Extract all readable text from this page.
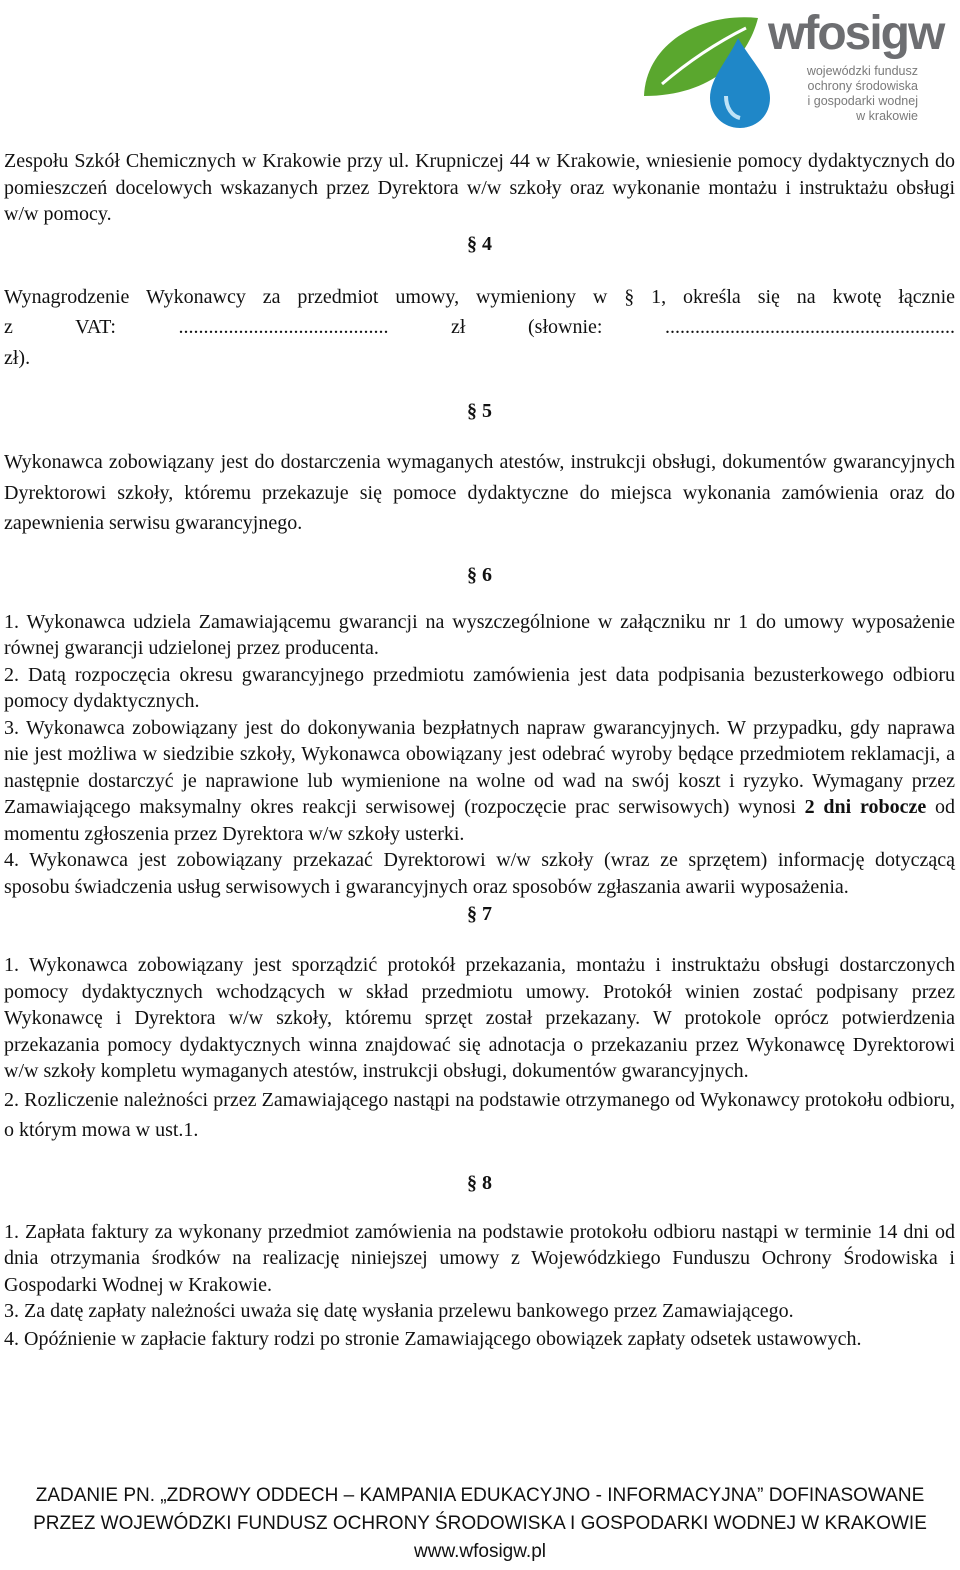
wfosigw
wojewódzki fundusz
ochrony środowiska
i gospodarki wodnej
w krakowie

Zespołu Szkół Chemicznych w Krakowie przy ul. Krupniczej 44 w Krakowie, wniesienie pomocy dydaktycznych do pomieszczeń docelowych wskazanych przez Dyrektora w/w szkoły oraz wykonanie montażu i instruktażu obsługi w/w pomocy.

§ 4

Wynagrodzenie Wykonawcy za przedmiot umowy, wymieniony w § 1, określa się na kwotę łącznie

z VAT: .......................................... zł (słownie: ..........................................................

zł).

§ 5

Wykonawca zobowiązany jest do dostarczenia wymaganych atestów, instrukcji obsługi, dokumentów gwarancyjnych Dyrektorowi szkoły, któremu przekazuje się pomoce dydaktyczne do miejsca wykonania zamówienia oraz do zapewnienia serwisu gwarancyjnego.

§ 6

1. Wykonawca udziela Zamawiającemu gwarancji na wyszczególnione w załączniku nr 1 do umowy wyposażenie równej gwarancji udzielonej przez producenta.

2. Datą rozpoczęcia okresu gwarancyjnego przedmiotu zamówienia jest data podpisania bezusterkowego odbioru pomocy dydaktycznych.

3. Wykonawca zobowiązany jest do dokonywania bezpłatnych napraw gwarancyjnych. W przypadku, gdy naprawa nie jest możliwa w siedzibie szkoły, Wykonawca obowiązany jest odebrać wyroby będące przedmiotem reklamacji, a następnie dostarczyć je naprawione lub wymienione na wolne od wad na swój koszt i ryzyko. Wymagany przez Zamawiającego maksymalny okres reakcji serwisowej (rozpoczęcie prac serwisowych) wynosi 2 dni robocze od momentu zgłoszenia przez Dyrektora w/w szkoły usterki.

4. Wykonawca jest zobowiązany przekazać Dyrektorowi w/w szkoły (wraz ze sprzętem) informację dotyczącą sposobu świadczenia usług serwisowych i gwarancyjnych oraz sposobów zgłaszania awarii wyposażenia.

§ 7

1. Wykonawca zobowiązany jest sporządzić protokół przekazania, montażu i instruktażu obsługi dostarczonych pomocy dydaktycznych wchodzących w skład przedmiotu umowy. Protokół winien zostać podpisany przez Wykonawcę i Dyrektora w/w szkoły, któremu sprzęt został przekazany. W protokole oprócz potwierdzenia przekazania pomocy dydaktycznych winna znajdować się adnotacja o przekazaniu przez Wykonawcę Dyrektorowi w/w szkoły kompletu wymaganych atestów, instrukcji obsługi, dokumentów gwarancyjnych.

2. Rozliczenie należności przez Zamawiającego nastąpi na podstawie otrzymanego od Wykonawcy protokołu odbioru, o którym mowa w ust.1.

§ 8

1. Zapłata faktury za wykonany przedmiot zamówienia na podstawie protokołu odbioru nastąpi w terminie 14 dni od dnia otrzymania środków na realizację niniejszej umowy z Wojewódzkiego Funduszu Ochrony Środowiska i Gospodarki Wodnej w Krakowie.

3. Za datę zapłaty należności uważa się datę wysłania przelewu bankowego przez Zamawiającego.

4. Opóźnienie w zapłacie faktury rodzi po stronie Zamawiającego obowiązek zapłaty odsetek ustawowych.

ZADANIE PN. „ZDROWY ODDECH – KAMPANIA EDUKACYJNO - INFORMACYJNA” DOFINASOWANE
PRZEZ WOJEWÓDZKI FUNDUSZ OCHRONY ŚRODOWISKA I GOSPODARKI WODNEJ W KRAKOWIE
www.wfosigw.pl
